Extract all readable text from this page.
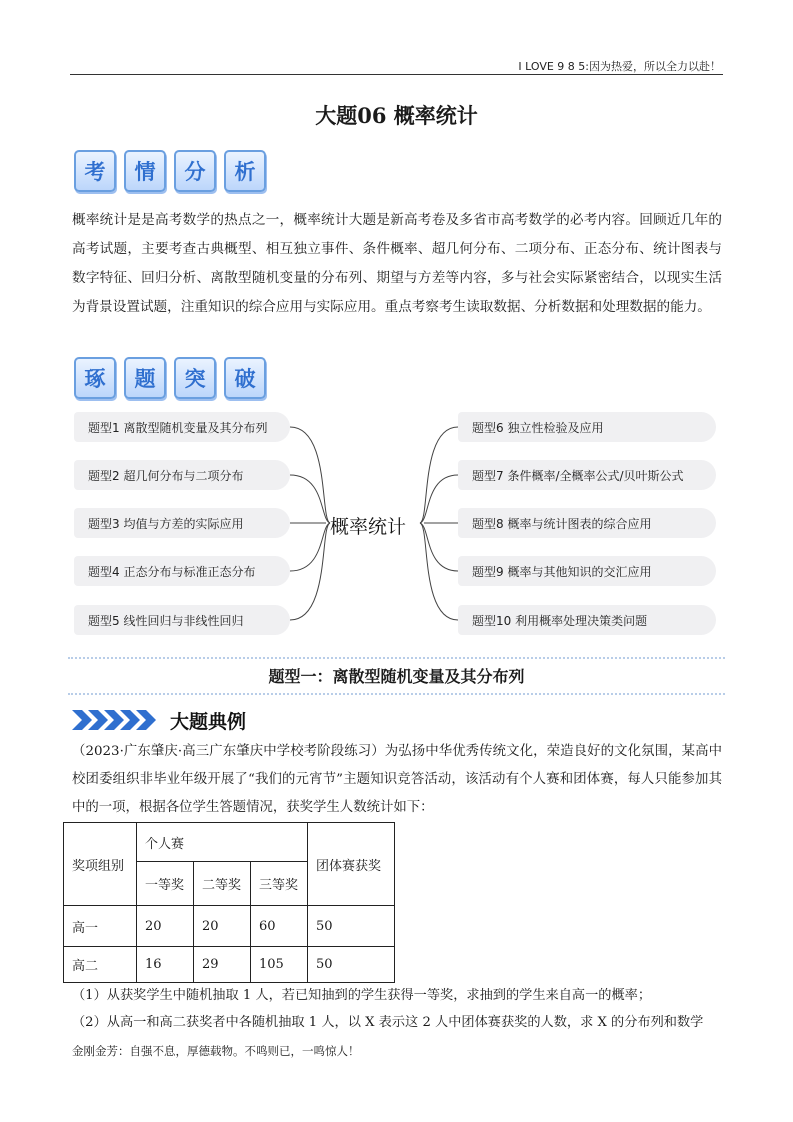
I LOVE 9 8 5:因为热爱，所以全力以赴！
大题06 概率统计
考	情	分	析
概率统计是是高考数学的热点之一，概率统计大题是新高考卷及多省市高考数学的必考内容。回顾近几年的高考试题，主要考查古典概型、相互独立事件、条件概率、超几何分布、二项分布、正态分布、统计图表与数字特征、回归分析、离散型随机变量的分布列、期望与方差等内容，多与社会实际紧密结合，以现实生活为背景设置试题，注重知识的综合应用与实际应用。重点考察考生读取数据、分析数据和处理数据的能力。
琢	题	突	破
题型1 离散型随机变量及其分布列
题型2 超几何分布与二项分布
题型3 均值与方差的实际应用
题型4 正态分布与标准正态分布
题型5 线性回归与非线性回归
概率统计
题型6 独立性检验及应用
题型7 条件概率/全概率公式/贝叶斯公式
题型8 概率与统计图表的综合应用
题型9 概率与其他知识的交汇应用
题型10 利用概率处理决策类问题
题型一：离散型随机变量及其分布列
大题典例
（2023·广东肇庆·高三广东肇庆中学校考阶段练习）为弘扬中华优秀传统文化，荣造良好的文化氛围，某高中校团委组织非毕业年级开展了“我们的元宵节”主题知识竞答活动，该活动有个人赛和团体赛，每人只能参加其中的一项，根据各位学生答题情况，获奖学生人数统计如下：
奖项组别	个人赛			团体赛获奖
	一等奖	二等奖	三等奖	
高一	20	20	60	50
高二	16	29	105	50
（1）从获奖学生中随机抽取 1 人，若已知抽到的学生获得一等奖，求抽到的学生来自高一的概率；
（2）从高一和高二获奖者中各随机抽取 1 人，以 X 表示这 2 人中团体赛获奖的人数，求 X 的分布列和数学
金刚金芳：自强不息，厚德载物。不鸣则已，一鸣惊人！
